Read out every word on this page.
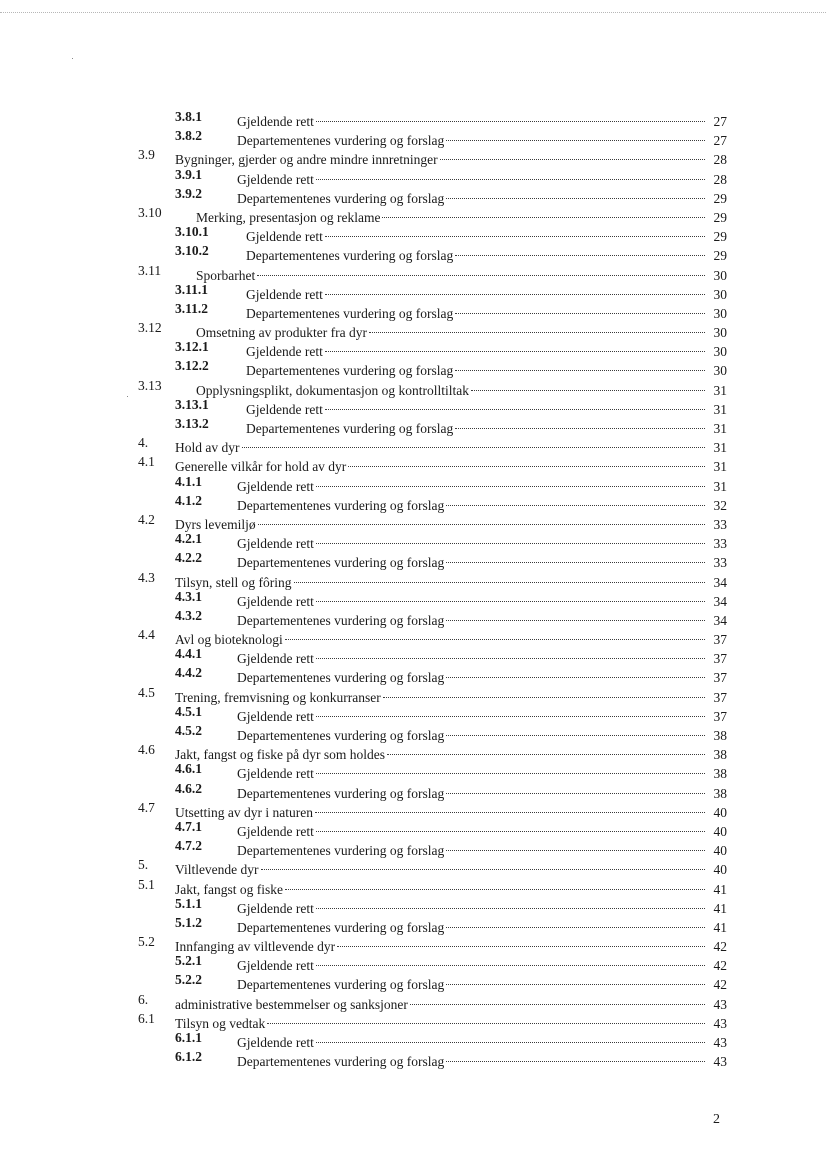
3.8.1	Gjeldende rett	27
3.8.2	Departementenes vurdering og forslag	27
3.9 Bygninger, gjerder og andre mindre innretninger	28
3.9.1	Gjeldende rett	28
3.9.2	Departementenes vurdering og forslag	29
3.10	Merking, presentasjon og reklame	29
3.10.1	Gjeldende rett	29
3.10.2	Departementenes vurdering og forslag	29
3.11	Sporbarhet	30
3.11.1	Gjeldende rett	30
3.11.2	Departementenes vurdering og forslag	30
3.12	Omsetning av produkter fra dyr	30
3.12.1	Gjeldende rett	30
3.12.2	Departementenes vurdering og forslag	30
3.13	Opplysningsplikt, dokumentasjon og kontrolltiltak	31
3.13.1	Gjeldende rett	31
3.13.2	Departementenes vurdering og forslag	31
4. Hold av dyr	31
4.1 Generelle vilkår for hold av dyr	31
4.1.1	Gjeldende rett	31
4.1.2	Departementenes vurdering og forslag	32
4.2 Dyrs levemiljø	33
4.2.1	Gjeldende rett	33
4.2.2	Departementenes vurdering og forslag	33
4.3 Tilsyn, stell og fôring	34
4.3.1	Gjeldende rett	34
4.3.2	Departementenes vurdering og forslag	34
4.4 Avl og bioteknologi	37
4.4.1	Gjeldende rett	37
4.4.2	Departementenes vurdering og forslag	37
4.5 Trening, fremvisning og konkurranser	37
4.5.1	Gjeldende rett	37
4.5.2	Departementenes vurdering og forslag	38
4.6 Jakt, fangst og fiske på dyr som holdes	38
4.6.1	Gjeldende rett	38
4.6.2	Departementenes vurdering og forslag	38
4.7 Utsetting av dyr i naturen	40
4.7.1	Gjeldende rett	40
4.7.2	Departementenes vurdering og forslag	40
5. Viltlevende dyr	40
5.1 Jakt, fangst og fiske	41
5.1.1	Gjeldende rett	41
5.1.2	Departementenes vurdering og forslag	41
5.2 Innfanging av viltlevende dyr	42
5.2.1	Gjeldende rett	42
5.2.2	Departementenes vurdering og forslag	42
6. administrative bestemmelser og sanksjoner	43
6.1 Tilsyn og vedtak	43
6.1.1	Gjeldende rett	43
6.1.2	Departementenes vurdering og forslag	43
2
